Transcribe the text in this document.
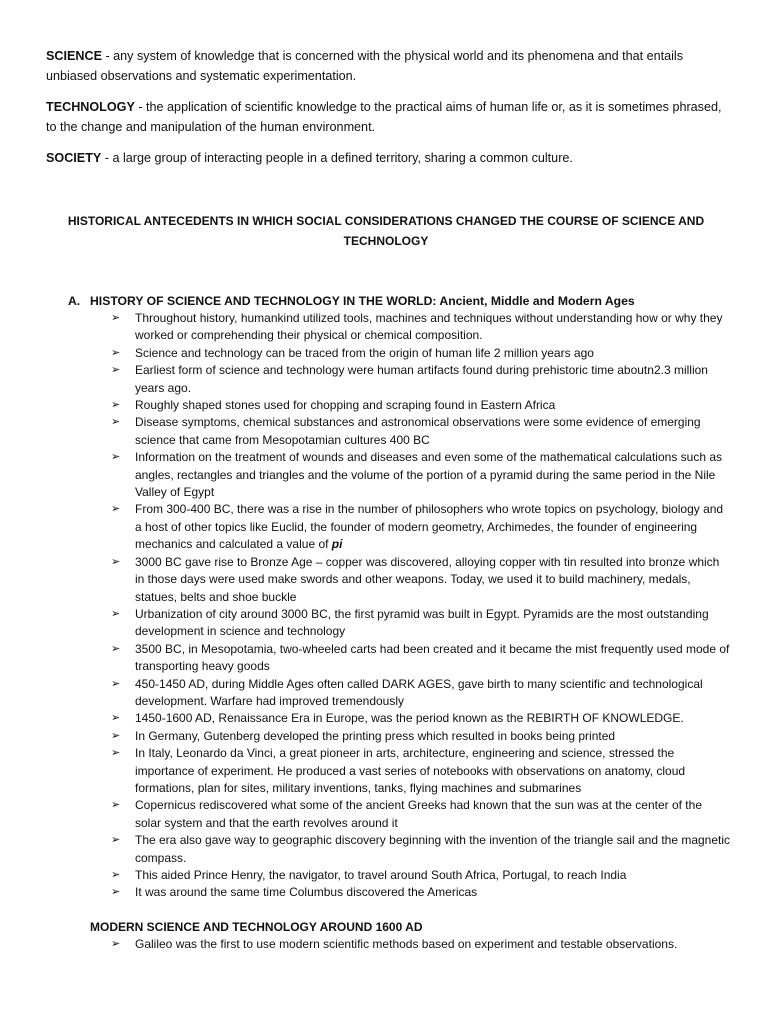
SCIENCE - any system of knowledge that is concerned with the physical world and its phenomena and that entails unbiased observations and systematic experimentation.

TECHNOLOGY - the application of scientific knowledge to the practical aims of human life or, as it is sometimes phrased, to the change and manipulation of the human environment.

SOCIETY - a large group of interacting people in a defined territory, sharing a common culture.

HISTORICAL ANTECEDENTS IN WHICH SOCIAL CONSIDERATIONS CHANGED THE COURSE OF SCIENCE AND TECHNOLOGY

A. HISTORY OF SCIENCE AND TECHNOLOGY IN THE WORLD: Ancient, Middle and Modern Ages

➢ Throughout history, humankind utilized tools, machines and techniques without understanding how or why they worked or comprehending their physical or chemical composition.
➢ Science and technology can be traced from the origin of human life 2 million years ago
➢ Earliest form of science and technology were human artifacts found during prehistoric time aboutn2.3 million years ago.
➢ Roughly shaped stones used for chopping and scraping found in Eastern Africa
➢ Disease symptoms, chemical substances and astronomical observations were some evidence of emerging science that came from Mesopotamian cultures 400 BC
➢ Information on the treatment of wounds and diseases and even some of the mathematical calculations such as angles, rectangles and triangles and the volume of the portion of a pyramid during the same period in the Nile Valley of Egypt
➢ From 300-400 BC, there was a rise in the number of philosophers who wrote topics on psychology, biology and a host of other topics like Euclid, the founder of modern geometry, Archimedes, the founder of engineering mechanics and calculated a value of pi
➢ 3000 BC gave rise to Bronze Age – copper was discovered, alloying copper with tin resulted into bronze which in those days were used make swords and other weapons. Today, we used it to build machinery, medals, statues, belts and shoe buckle
➢ Urbanization of city around 3000 BC, the first pyramid was built in Egypt. Pyramids are the most outstanding development in science and technology
➢ 3500 BC, in Mesopotamia, two-wheeled carts had been created and it became the mist frequently used mode of transporting heavy goods
➢ 450-1450 AD, during Middle Ages often called DARK AGES, gave birth to many scientific and technological development. Warfare had improved tremendously
➢ 1450-1600 AD, Renaissance Era in Europe, was the period known as the REBIRTH OF KNOWLEDGE.
➢ In Germany, Gutenberg developed the printing press which resulted in books being printed
➢ In Italy, Leonardo da Vinci, a great pioneer in arts, architecture, engineering and science, stressed the importance of experiment. He produced a vast series of notebooks with observations on anatomy, cloud formations, plan for sites, military inventions, tanks, flying machines and submarines
➢ Copernicus rediscovered what some of the ancient Greeks had known that the sun was at the center of the solar system and that the earth revolves around it
➢ The era also gave way to geographic discovery beginning with the invention of the triangle sail and the magnetic compass.
➢ This aided Prince Henry, the navigator, to travel around South Africa, Portugal, to reach India
➢ It was around the same time Columbus discovered the Americas

MODERN SCIENCE AND TECHNOLOGY AROUND 1600 AD

➢ Galileo was the first to use modern scientific methods based on experiment and testable observations.
